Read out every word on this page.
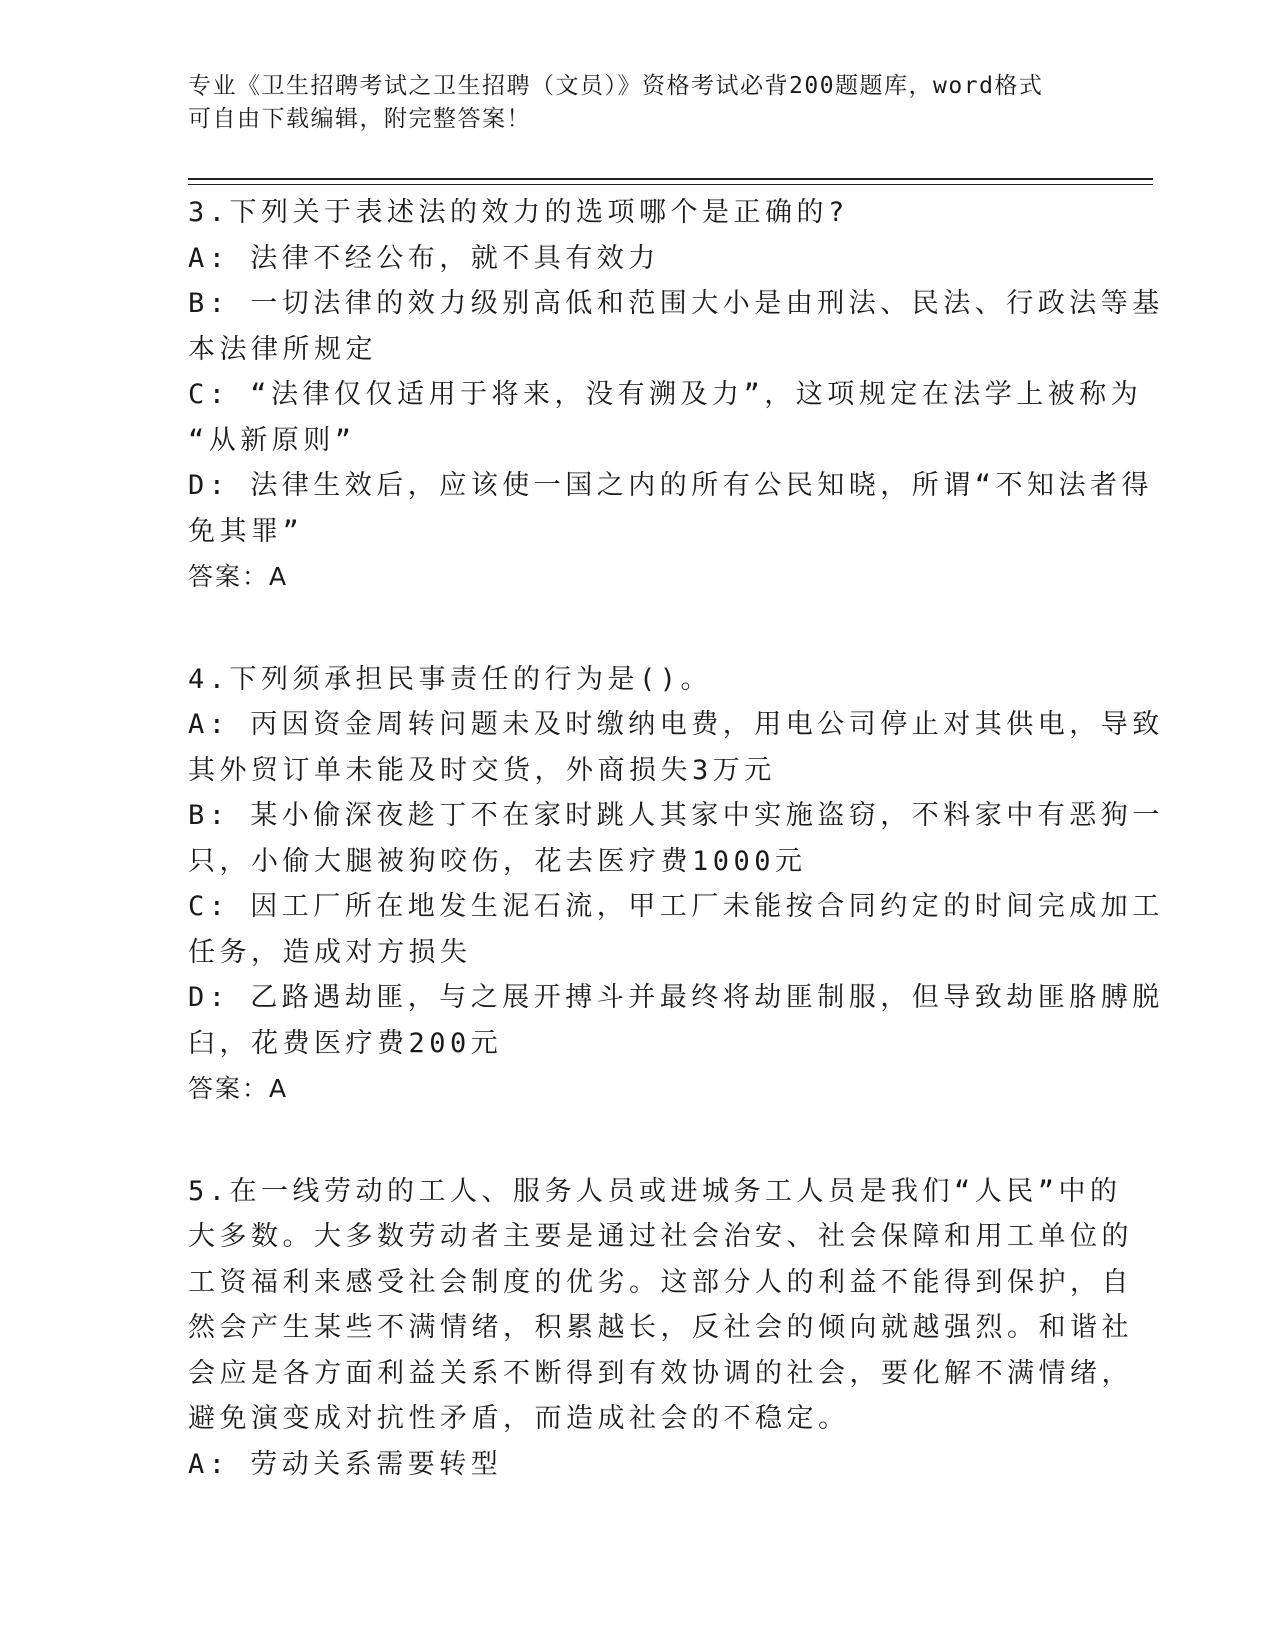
专业《卫生招聘考试之卫生招聘（文员）》资格考试必背200题题库，word格式
可自由下载编辑，附完整答案！
3.下列关于表述法的效力的选项哪个是正确的?
A: 法律不经公布，就不具有效力
B: 一切法律的效力级别高低和范围大小是由刑法、民法、行政法等基
本法律所规定
C: “法律仅仅适用于将来，没有溯及力”，这项规定在法学上被称为
“从新原则”
D: 法律生效后，应该使一国之内的所有公民知晓，所谓“不知法者得
免其罪”
答案：A
4.下列须承担民事责任的行为是()。
A: 丙因资金周转问题未及时缴纳电费，用电公司停止对其供电，导致
其外贸订单未能及时交货，外商损失3万元
B: 某小偷深夜趁丁不在家时跳人其家中实施盗窃，不料家中有恶狗一
只，小偷大腿被狗咬伤，花去医疗费1000元
C: 因工厂所在地发生泥石流，甲工厂未能按合同约定的时间完成加工
任务，造成对方损失
D: 乙路遇劫匪，与之展开搏斗并最终将劫匪制服，但导致劫匪胳膊脱
臼，花费医疗费200元
答案：A
5.在一线劳动的工人、服务人员或进城务工人员是我们“人民”中的
大多数。大多数劳动者主要是通过社会治安、社会保障和用工单位的
工资福利来感受社会制度的优劣。这部分人的利益不能得到保护，自
然会产生某些不满情绪，积累越长，反社会的倾向就越强烈。和谐社
会应是各方面利益关系不断得到有效协调的社会，要化解不满情绪，
避免演变成对抗性矛盾，而造成社会的不稳定。
A: 劳动关系需要转型
